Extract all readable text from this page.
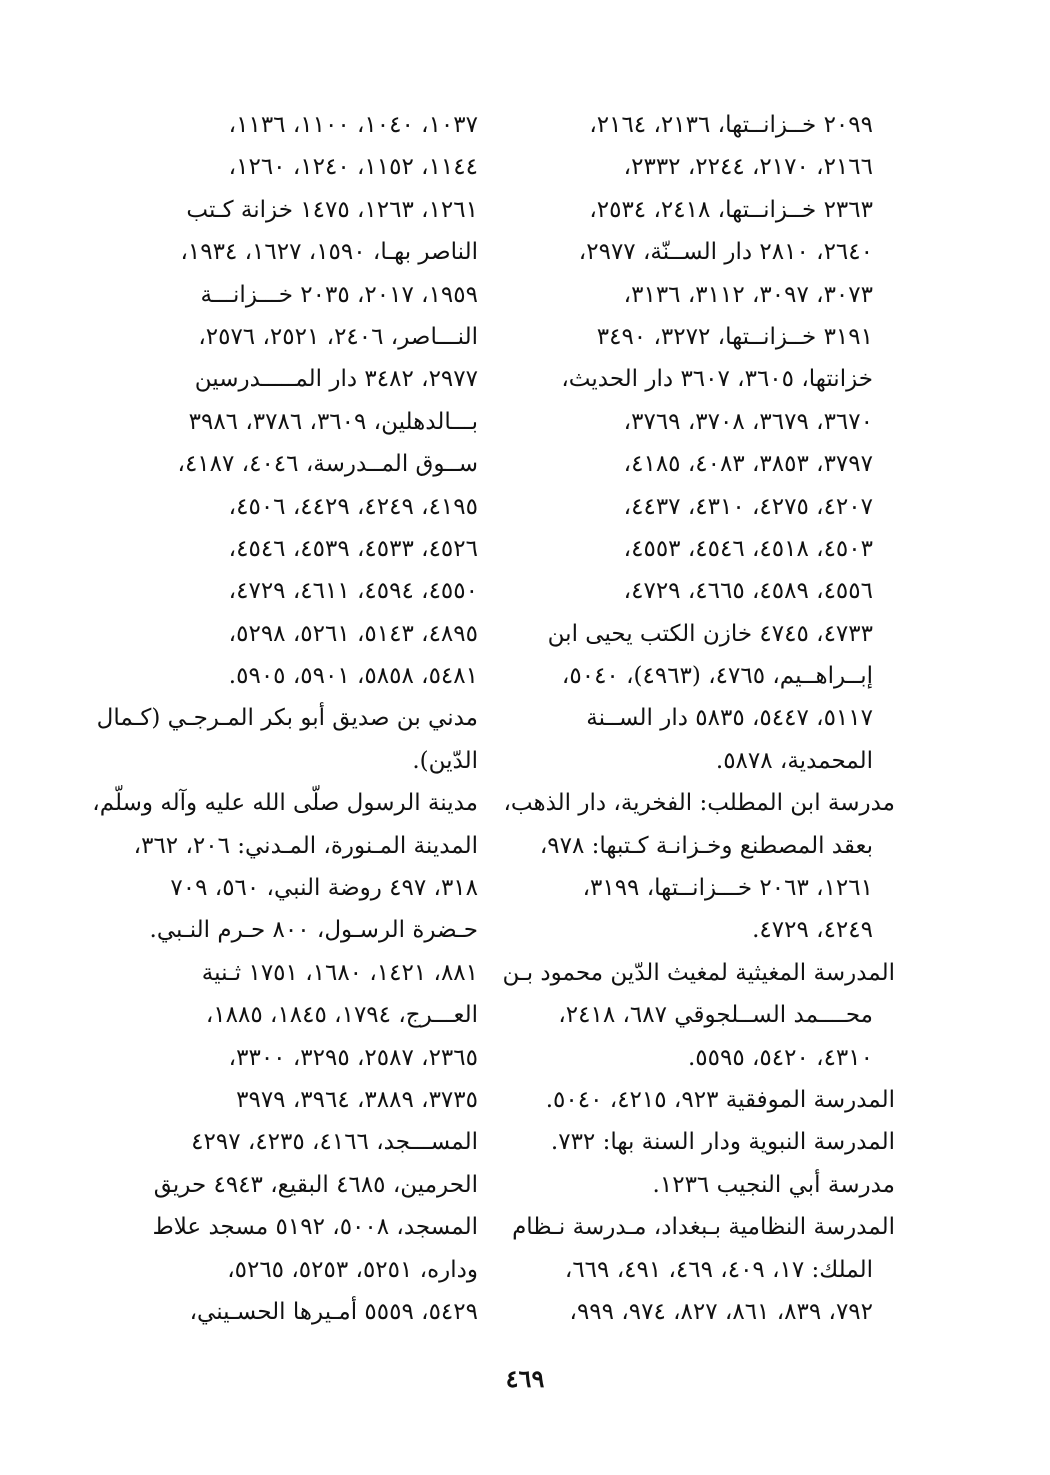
٢٠٩٩ خــزانــتها، ٢١٣٦، ٢١٦٤،
٢١٦٦، ٢١٧٠، ٢٢٤٤، ٢٣٣٢،
٢٣٦٣ خــزانــتها، ٢٤١٨، ٢٥٣٤،
٢٦٤٠، ٢٨١٠ دار الســنّة، ٢٩٧٧،
٣٠٧٣، ٣٠٩٧، ٣١١٢، ٣١٣٦،
٣١٩١ خــزانــتها، ٣٢٧٢، ٣٤٩٠
خزانتها، ٣٦٠٥، ٣٦٠٧ دار الحديث،
٣٦٧٠، ٣٦٧٩، ٣٧٠٨، ٣٧٦٩،
٣٧٩٧، ٣٨٥٣، ٤٠٨٣، ٤١٨٥،
٤٢٠٧، ٤٢٧٥، ٤٣١٠، ٤٤٣٧،
٤٥٠٣، ٤٥١٨، ٤٥٤٦، ٤٥٥٣،
٤٥٥٦، ٤٥٨٩، ٤٦٦٥، ٤٧٢٩،
٤٧٣٣، ٤٧٤٥ خازن الكتب يحيى ابن
إبــراهــيم، ٤٧٦٥، (٤٩٦٣)، ٥٠٤٠،
٥١١٧، ٥٤٤٧، ٥٨٣٥ دار الســنة
المحمدية، ٥٨٧٨.
مدرسة ابن المطلب: الفخرية، دار الذهب،
بعقد المصطنع وخـزانـة كـتبها: ٩٧٨،
١٢٦١، ٢٠٦٣ خـــزانــتها، ٣١٩٩،
٤٢٤٩، ٤٧٢٩.
المدرسة المغيثية لمغيث الدّين محمود بـن
محــــمد الســلجوقي ٦٨٧، ٢٤١٨،
٤٣١٠، ٥٤٢٠، ٥٥٩٥.
المدرسة الموفقية ٩٢٣، ٤٢١٥، ٥٠٤٠.
المدرسة النبوية ودار السنة بها: ٧٣٢.
مدرسة أبي النجيب ١٢٣٦.
المدرسة النظامية بـبغداد، مـدرسة نـظام
الملك: ١٧، ٤٠٩، ٤٦٩، ٤٩١، ٦٦٩،
٧٩٢، ٨٣٩، ٨٦١، ٨٢٧، ٩٧٤، ٩٩٩،
١٠٣٧، ١٠٤٠، ١١٠٠، ١١٣٦،
١١٤٤، ١١٥٢، ١٢٤٠، ١٢٦٠،
١٢٦١، ١٢٦٣، ١٤٧٥ خزانة كـتب
الناصر بهـا، ١٥٩٠، ١٦٢٧، ١٩٣٤،
١٩٥٩، ٢٠١٧، ٢٠٣٥ خـــزانـــة
النـــاصر، ٢٤٠٦، ٢٥٢١، ٢٥٧٦،
٢٩٧٧، ٣٤٨٢ دار المـــــدرسين
بـــالدهلين، ٣٦٠٩، ٣٧٨٦، ٣٩٨٦
ســوق المــدرسة، ٤٠٤٦، ٤١٨٧،
٤١٩٥، ٤٢٤٩، ٤٤٢٩، ٤٥٠٦،
٤٥٢٦، ٤٥٣٣، ٤٥٣٩، ٤٥٤٦،
٤٥٥٠، ٤٥٩٤، ٤٦١١، ٤٧٢٩،
٤٨٩٥، ٥١٤٣، ٥٢٦١، ٥٢٩٨،
٥٤٨١، ٥٨٥٨، ٥٩٠١، ٥٩٠٥.
مدني بن صديق أبو بكر المـرجـي (كـمال
الدّين).
مدينة الرسول صلّى الله عليه وآله وسلّم،
المدينة المـنورة، المـدني: ٢٠٦، ٣٦٢،
٣١٨، ٤٩٧ روضة النبي، ٥٦٠، ٧٠٩
حـضرة الرسـول، ٨٠٠ حـرم النـبي.
٨٨١، ١٤٢١، ١٦٨٠، ١٧٥١ ثـنية
العـــرج، ١٧٩٤، ١٨٤٥، ١٨٨٥،
٢٣٦٥، ٢٥٨٧، ٣٢٩٥، ٣٣٠٠،
٣٧٣٥، ٣٨٨٩، ٣٩٦٤، ٣٩٧٩
المســـجد، ٤١٦٦، ٤٢٣٥، ٤٢٩٧
الحرمين، ٤٦٨٥ البقيع، ٤٩٤٣ حريق
المسجد، ٥٠٠٨، ٥١٩٢ مسجد علاط
وداره، ٥٢٥١، ٥٢٥٣، ٥٢٦٥،
٥٤٢٩، ٥٥٥٩ أمـيرها الحسـيني،
٤٦٩
